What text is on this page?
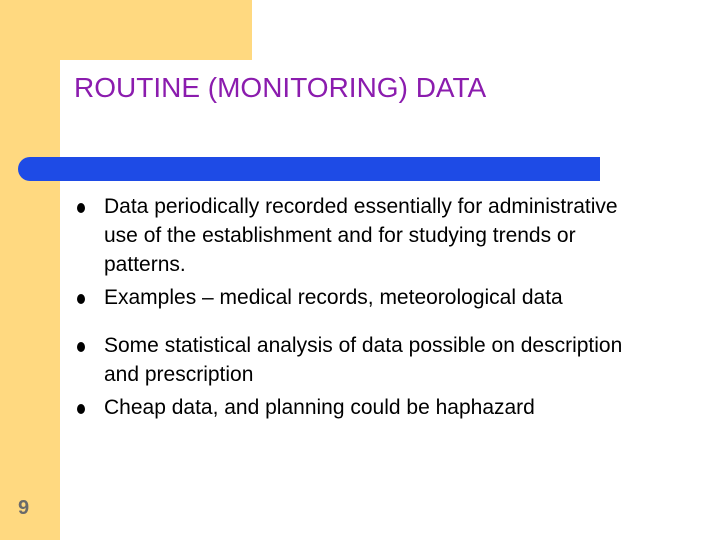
ROUTINE (MONITORING) DATA
Data periodically recorded essentially for administrative use of the establishment and for studying trends or patterns.
Examples – medical records, meteorological data
Some statistical analysis of data possible on description and prescription
Cheap data, and planning could be haphazard
9
